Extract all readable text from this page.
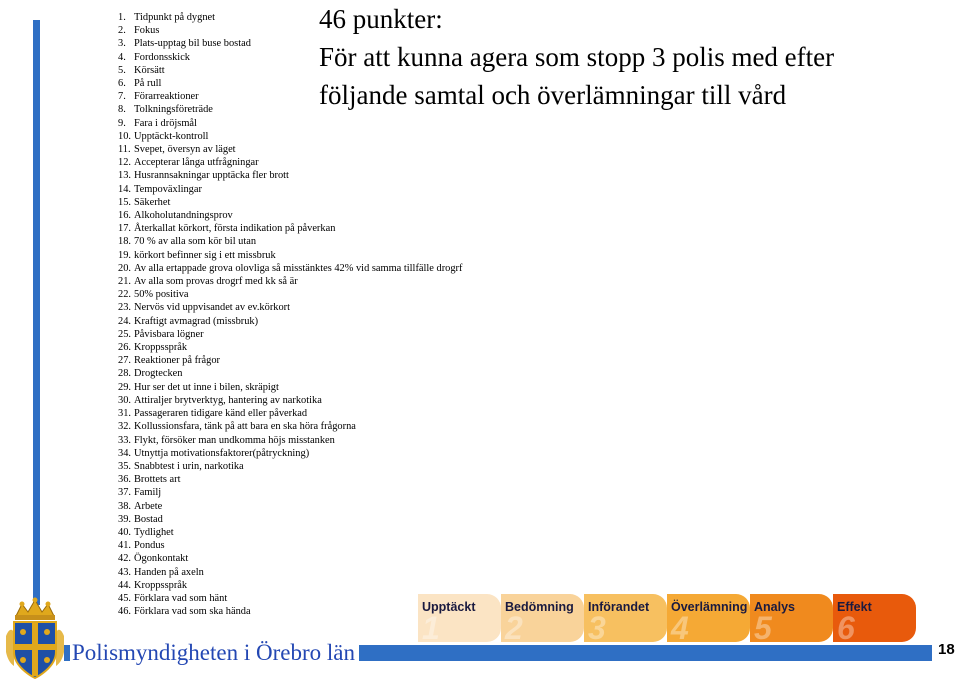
1. Tidpunkt på dygnet
2. Fokus
3. Plats-upptag bil buse bostad
4. Fordonsskick
5. Körsätt
6. På rull
7. Förarreaktioner
8. Tolkningsföreträde
9. Fara i dröjsmål
10. Upptäckt-kontroll
11. Svepet, översyn av läget
12. Accepterar långa utfrågningar
13. Husrannsakningar upptäcka fler brott
14. Tempoväxlingar
15. Säkerhet
16. Alkoholutandningsprov
17. Återkallat körkort, första indikation på påverkan
18. 70 % av alla som kör bil utan
19. körkort befinner sig i ett missbruk
20. Av alla ertappade grova olovliga så misstänktes 42% vid samma tillfälle drogrf
21. Av alla som provas drogrf med kk så är
22. 50% positiva
23. Nervös vid uppvisandet av ev.körkort
24. Kraftigt avmagrad (missbruk)
25. Påvisbara lögner
26. Kroppsspråk
27. Reaktioner på frågor
28. Drogtecken
29. Hur ser det ut inne i bilen, skräpigt
30. Attiraljer brytverktyg, hantering av narkotika
31. Passageraren tidigare känd eller påverkad
32. Kollussionsfara, tänk på att bara en ska höra frågorna
33. Flykt, försöker man undkomma höjs misstanken
34. Utnyttja motivationsfaktorer(påtryckning)
35. Snabbtest i urin, narkotika
36. Brottets art
37. Familj
38. Arbete
39. Bostad
40. Tydlighet
41. Pondus
42. Ögonkontakt
43. Handen på axeln
44. Kroppsspråk
45. Förklara vad som hänt
46. Förklara vad som ska hända
46 punkter:
För att kunna agera som stopp 3 polis med efter
följande samtal och överlämningar till vård
1
Upptäckt
2
Bedömning
3
Införandet
4
Överlämning
5
Analys
6
Effekt
Polismyndigheten i Örebro län	18
